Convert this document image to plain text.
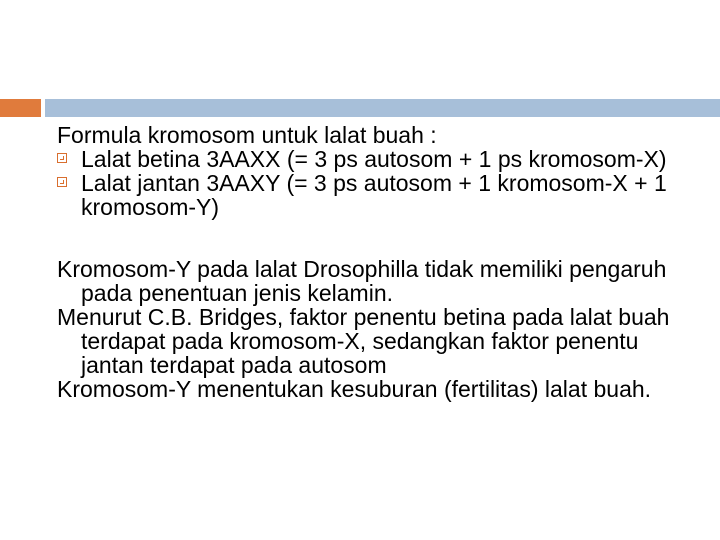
Formula kromosom untuk lalat buah :

Lalat betina 3AAXX (= 3 ps autosom + 1 ps kromosom-X)
Lalat jantan 3AAXY (= 3 ps autosom + 1 kromosom-X + 1 kromosom-Y)

Kromosom-Y pada lalat Drosophilla tidak memiliki pengaruh pada penentuan jenis kelamin.

Menurut C.B. Bridges, faktor penentu betina pada lalat buah terdapat pada kromosom-X, sedangkan faktor penentu jantan terdapat pada autosom

Kromosom-Y menentukan kesuburan (fertilitas) lalat buah.
